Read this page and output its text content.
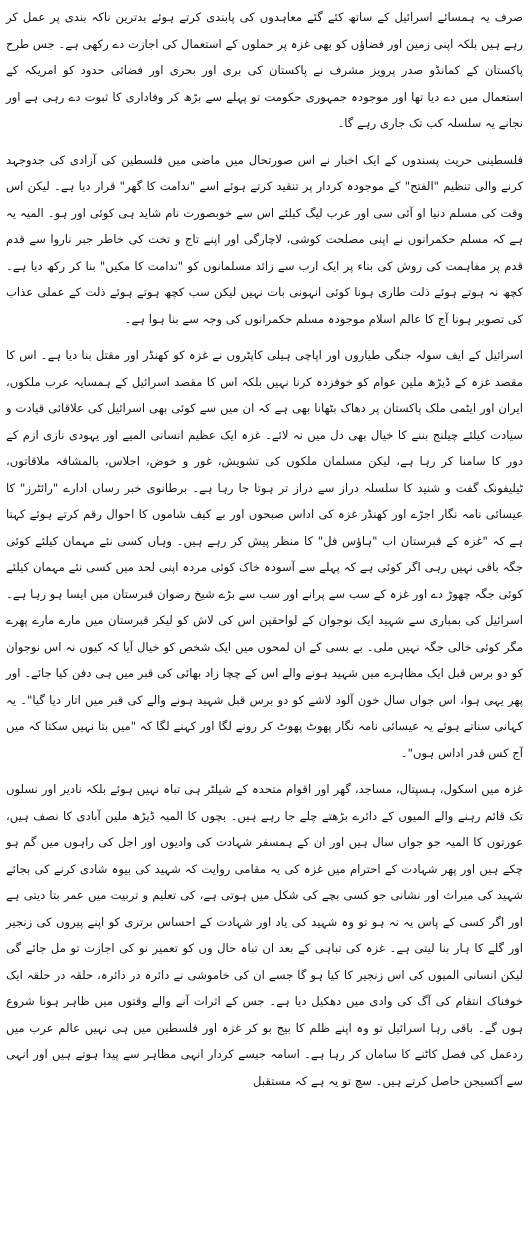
صرف یہ ہمسائے اسرائیل کے ساتھ کئے گئے معاہدوں کی پابندی کرتے ہوئے بدترین ناکہ بندی پر عمل کر رہے ہیں بلکہ اپنی زمین اور فضاؤں کو بھی غزہ پر حملوں کے استعمال کی اجازت دے رکھی ہے۔ جس طرح پاکستان کے کمانڈو صدر پرویز مشرف نے پاکستان کی بری اور بحری اور فضائی حدود کو امریکہ کے استعمال میں دے دیا تھا اور موجودہ جمہوری حکومت تو پہلے سے بڑھ کر وفاداری کا ثبوت دے رہی ہے اور نجانے یہ سلسلہ کب تک جاری رہے گا۔

فلسطینی حریت پسندوں کے ایک اخبار نے اس صورتحال میں ماضی میں فلسطین کی آزادی کی جدوجہد کرنے والی تنظیم "الفتح" کے موجودہ کردار پر تنقید کرتے ہوئے اسے "ندامت کا گھر" قرار دیا ہے۔ لیکن اس وقت کی مسلم دنیا او آئی سی اور عرب لیگ کیلئے اس سے خوبصورت نام شاید ہی کوئی اور ہو۔ المیہ یہ ہے کہ مسلم حکمرانوں نے اپنی مصلحت کوشی، لاچارگی اور اپنے تاج و تخت کی خاطر جبر ناروا سے قدم قدم پر مفاہمت کی روش کی بناء پر ایک ارب سے زائد مسلمانوں کو "ندامت کا مکیں" بنا کر رکھ دیا ہے۔ کچھ نہ ہوتے ہوئے ذلت طاری ہونا کوئی انہونی بات نہیں لیکن سب کچھ ہوتے ہوئے ذلت کے عملی عذاب کی تصویر ہونا آج کا عالم اسلام موجودہ مسلم حکمرانوں کی وجہ سے بنا ہوا ہے۔

اسرائیل کے ایف سولہ جنگی طیاروں اور اپاچی ہیلی کاپٹروں نے غزہ کو کھنڈر اور مقتل بنا دیا ہے۔ اس کا مقصد غزہ کے ڈیڑھ ملین عوام کو خوفزدہ کرنا نہیں بلکہ اس کا مقصد اسرائیل کے ہمسایہ عرب ملکوں، ایران اور ایٹمی ملک پاکستان پر دھاک بٹھانا بھی ہے کہ ان میں سے کوئی بھی اسرائیل کی علاقائی قیادت و سیادت کیلئے چیلنج بننے کا خیال بھی دل میں نہ لائے۔ غزہ ایک عظیم انسانی المیے اور یہودی نازی ازم کے دور کا سامنا کر رہا ہے، لیکن مسلمان ملکوں کی تشویش، غور و خوض، اجلاس، بالمشافہ ملاقاتوں، ٹیلیفونک گفت و شنید کا سلسلہ دراز سے دراز تر ہوتا جا رہا ہے۔ برطانوی خبر رساں ادارے "رائٹرز" کا عیسائی نامہ نگار اجڑے اور کھنڈر غزہ کی اداس صبحوں اور بے کیف شاموں کا احوال رقم کرتے ہوئے کہتا ہے کہ "غزہ کے قبرستان اب "ہاؤس فل" کا منظر پیش کر رہے ہیں۔ وہاں کسی نئے مہمان کیلئے کوئی جگہ باقی نہیں رہی اگر کوئی ہے کہ پہلے سے آسودہ خاک کوئی مردہ اپنی لحد میں کسی نئے مہمان کیلئے کوئی جگہ چھوڑ دے اور غزہ کے سب سے پرانے اور سب سے بڑے شیخ رضوان قبرستان میں ایسا ہو رہا ہے۔ اسرائیل کی بمباری سے شہید ایک نوجوان کے لواحقین اس کی لاش کو لیکر قبرستان میں مارے مارے پھرے مگر کوئی خالی جگہ نہیں ملی۔ بے بسی کے ان لمحوں میں ایک شخص کو خیال آیا کہ کیوں نہ اس نوجوان کو دو برس قبل ایک مظاہرے میں شہید ہونے والے اس کے چچا زاد بھائی کی قبر میں ہی دفن کیا جائے۔ اور پھر یہی ہوا، اس جواں سال خون آلود لاشے کو دو برس قبل شہید ہونے والے کی قبر میں اتار دیا گیا"۔ یہ کہانی سناتے ہوئے یہ عیسائی نامہ نگار پھوٹ پھوٹ کر رونے لگا اور کہنے لگا کہ "میں بتا نہیں سکتا کہ میں آج کس قدر اداس ہوں"۔

غزہ میں اسکول، ہسپتال، مساجد، گھر اور اقوام متحدہ کے شیلٹر ہی تباہ نہیں ہوئے بلکہ نادیر اور نسلوں تک قائم رہنے والے المیوں کے دائرے بڑھتے چلے جا رہے ہیں۔ بچوں کا المیہ ڈیڑھ ملین آبادی کا نصف ہیں، عورتوں کا المیہ جو جواں سال ہیں اور ان کے ہمسفر شہادت کی وادیوں اور اجل کی راہوں میں گم ہو چکے ہیں اور پھر شہادت کے احترام میں غزہ کی یہ مقامی روایت کہ شہید کی بیوہ شادی کرنے کی بجائے شہید کی میراث اور نشانی جو کسی بچے کی شکل میں ہوتی ہے، کی تعلیم و تربیت میں عمر بتا دیتی ہے اور اگر کسی کے پاس یہ نہ ہو تو وہ شہید کی یاد اور شہادت کے احساس برتری کو اپنے پیروں کی زنجیر اور گلے کا ہار بنا لیتی ہے۔ غزہ کی تباہی کے بعد ان تباہ حال وں کو تعمیر نو کی اجازت تو مل جائے گی لیکن انسانی المیوں کی اس زنجیر کا کیا ہو گا جسے ان کی خاموشی نے دائرہ در دائرہ، حلقہ در حلقہ ایک خوفناک انتقام کی آگ کی وادی میں دھکیل دیا ہے۔ جس کے اثرات آنے والے وقتوں میں ظاہر ہونا شروع ہوں گے۔ باقی رہا اسرائیل تو وہ اپنے ظلم کا بیج بو کر غزہ اور فلسطین میں ہی نہیں عالم عرب میں ردعمل کی فصل کاٹنے کا سامان کر رہا ہے۔ اسامہ جیسے کردار انہی مظاہر سے پیدا ہوتے ہیں اور انہی سے آکسیجن حاصل کرتے ہیں۔ سچ تو یہ ہے کہ مستقبل
